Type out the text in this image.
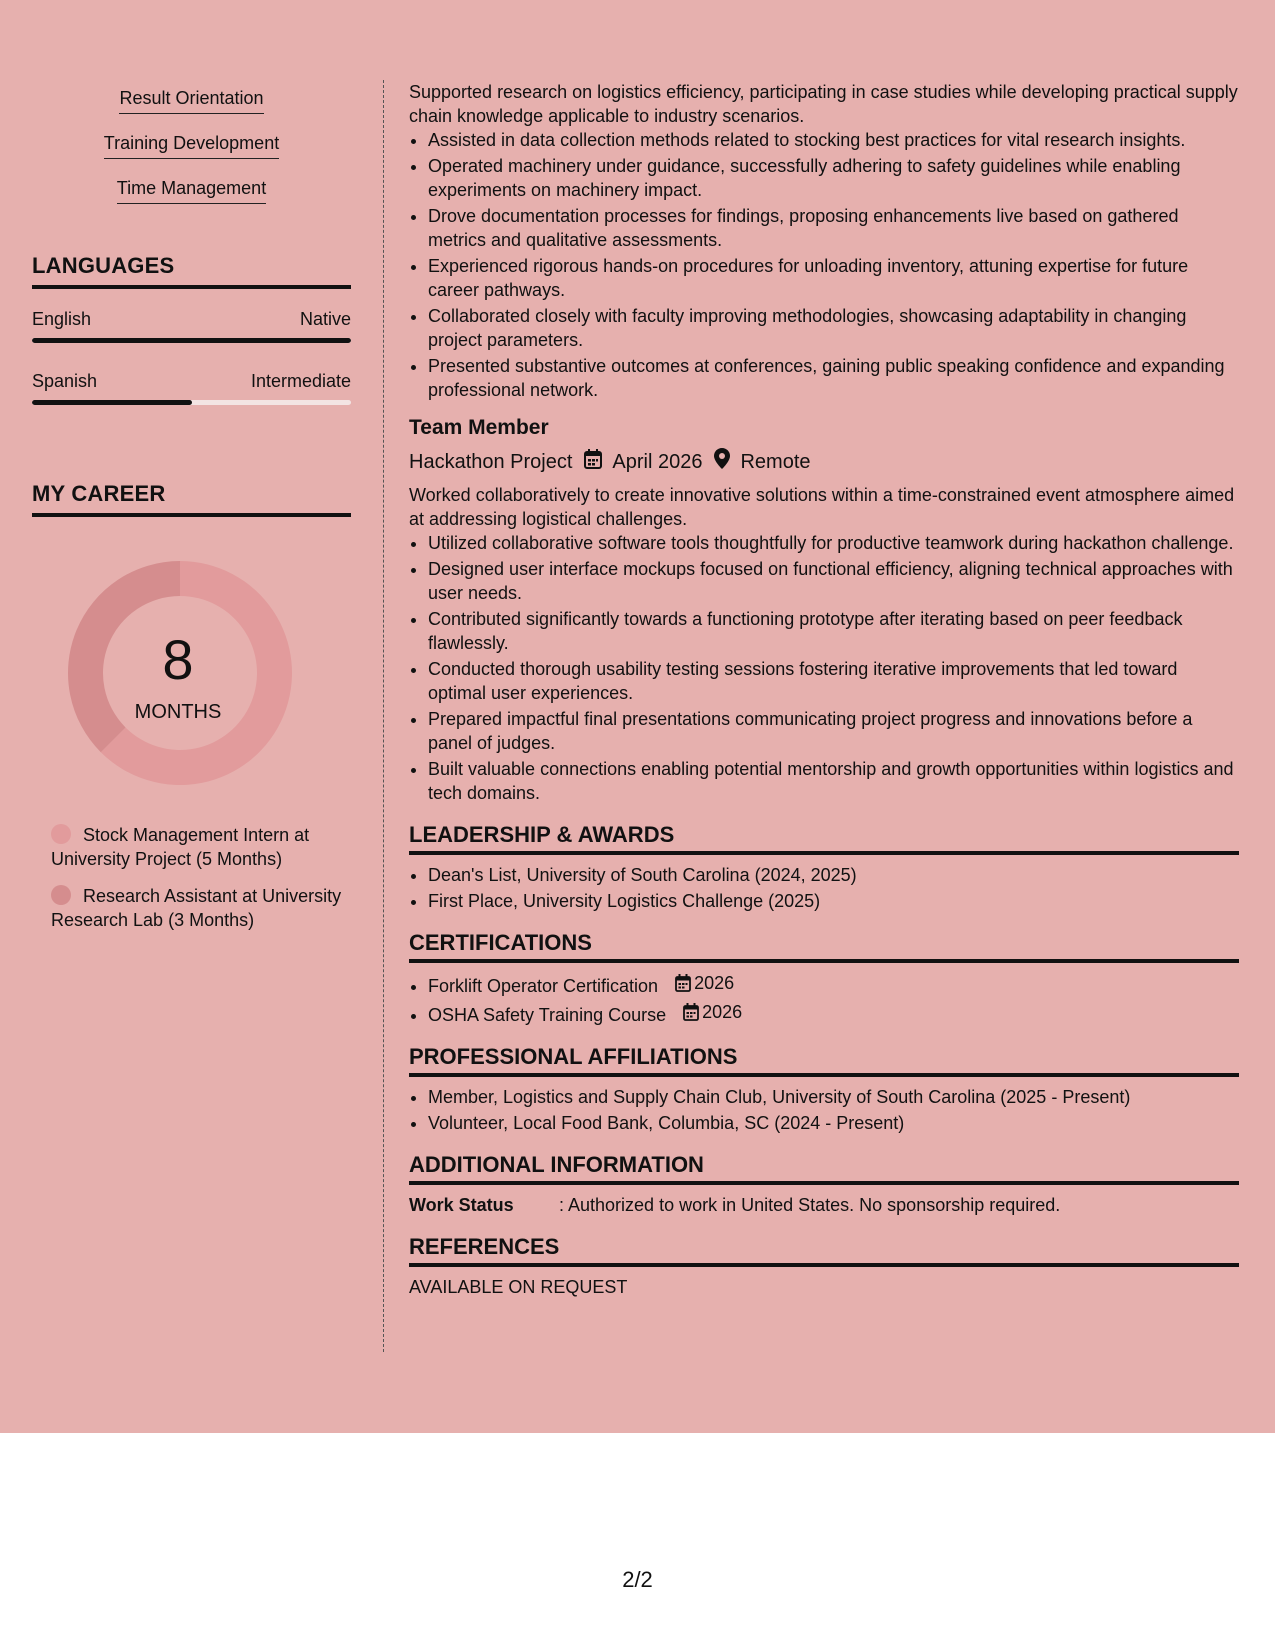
Result Orientation
Training Development
Time Management
LANGUAGES
English	Native
Spanish	Intermediate
MY CAREER
8
MONTHS
Stock Management Intern at University Project (5 Months)
Research Assistant at University Research Lab (3 Months)

Supported research on logistics efficiency, participating in case studies while developing practical supply chain knowledge applicable to industry scenarios.

• Assisted in data collection methods related to stocking best practices for vital research insights.
• Operated machinery under guidance, successfully adhering to safety guidelines while enabling experiments on machinery impact.
• Drove documentation processes for findings, proposing enhancements live based on gathered metrics and qualitative assessments.
• Experienced rigorous hands-on procedures for unloading inventory, attuning expertise for future career pathways.
• Collaborated closely with faculty improving methodologies, showcasing adaptability in changing project parameters.
• Presented substantive outcomes at conferences, gaining public speaking confidence and expanding professional network.
Team Member
Hackathon Project April 2026 Remote

Worked collaboratively to create innovative solutions within a time-constrained event atmosphere aimed at addressing logistical challenges.

• Utilized collaborative software tools thoughtfully for productive teamwork during hackathon challenge.
• Designed user interface mockups focused on functional efficiency, aligning technical approaches with user needs.
• Contributed significantly towards a functioning prototype after iterating based on peer feedback flawlessly.
• Conducted thorough usability testing sessions fostering iterative improvements that led toward optimal user experiences.
• Prepared impactful final presentations communicating project progress and innovations before a panel of judges.
• Built valuable connections enabling potential mentorship and growth opportunities within logistics and tech domains.
LEADERSHIP & AWARDS
• Dean's List, University of South Carolina (2024, 2025)
• First Place, University Logistics Challenge (2025)
CERTIFICATIONS
• Forklift Operator Certification 2026
• OSHA Safety Training Course 2026
PROFESSIONAL AFFILIATIONS
• Member, Logistics and Supply Chain Club, University of South Carolina (2025 - Present)
• Volunteer, Local Food Bank, Columbia, SC (2024 - Present)
ADDITIONAL INFORMATION
Work Status	: Authorized to work in United States. No sponsorship required.
REFERENCES
AVAILABLE ON REQUEST
2/2
